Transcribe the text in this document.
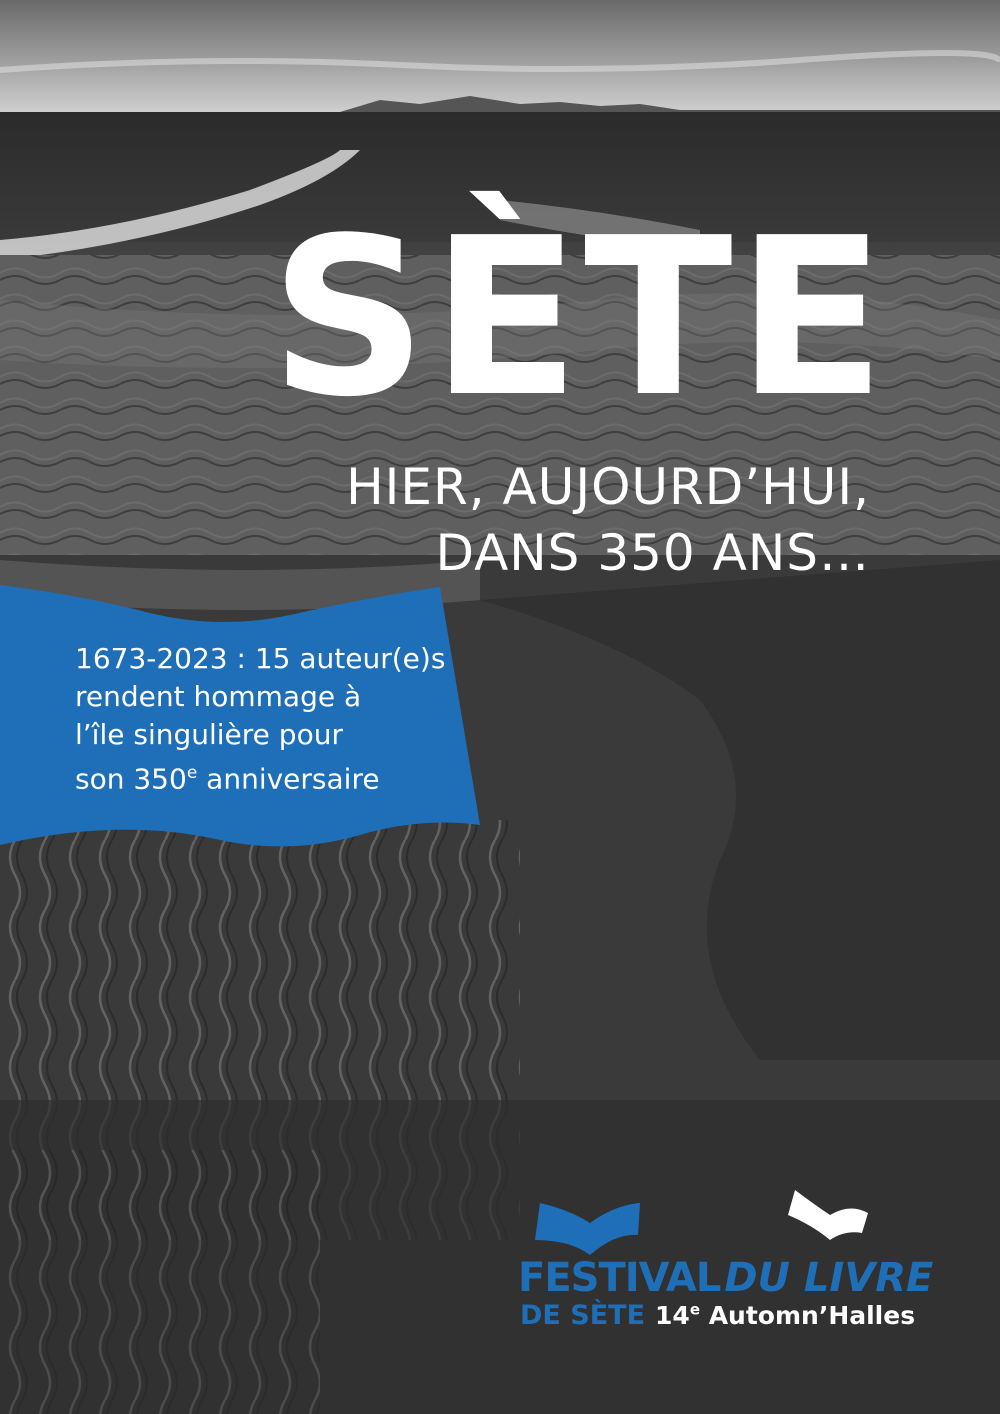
SÈTE
HIER, AUJOURD’HUI,
DANS 350 ANS…
1673-2023 : 15 auteur(e)s
rendent hommage à
l’île singulière pour
son 350e anniversaire
FESTIVAL DU LIVRE
DE SÈTE 14e Automn’Halles
